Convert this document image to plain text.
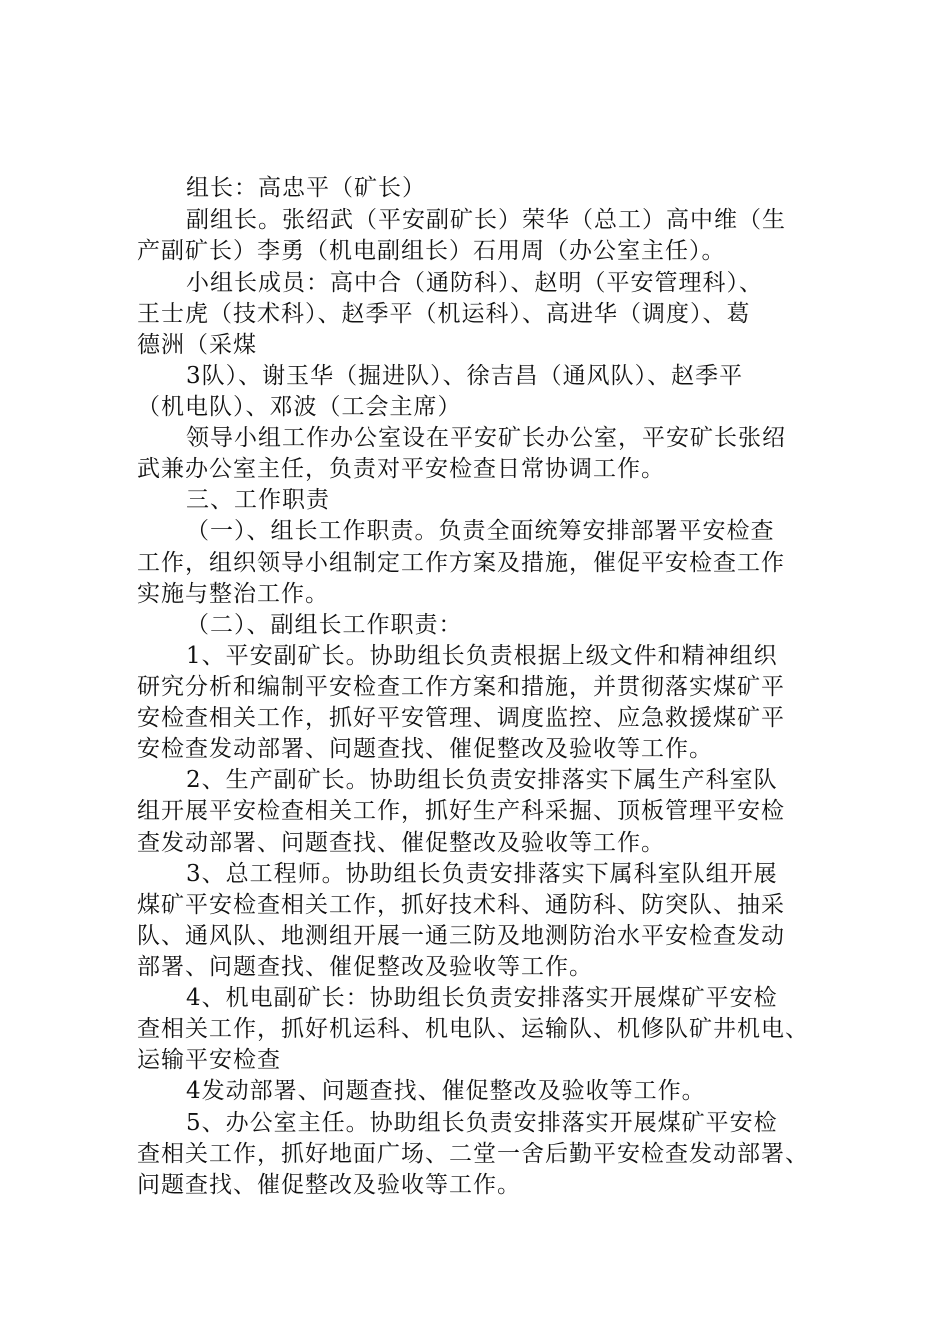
组长：高忠平（矿长）
副组长。张绍武（平安副矿长）荣华（总工）高中维（生
产副矿长）李勇（机电副组长）石用周（办公室主任）。
小组长成员：高中合（通防科）、赵明（平安管理科）、
王士虎（技术科）、赵季平（机运科）、高进华（调度）、葛
德洲（采煤
3队）、谢玉华（掘进队）、徐吉昌（通风队）、赵季平
（机电队）、邓波（工会主席）
领导小组工作办公室设在平安矿长办公室，平安矿长张绍
武兼办公室主任，负责对平安检查日常协调工作。
三、工作职责
（一）、组长工作职责。负责全面统筹安排部署平安检查
工作，组织领导小组制定工作方案及措施，催促平安检查工作
实施与整治工作。
（二）、副组长工作职责：
1、平安副矿长。协助组长负责根据上级文件和精神组织
研究分析和编制平安检查工作方案和措施，并贯彻落实煤矿平
安检查相关工作，抓好平安管理、调度监控、应急救援煤矿平
安检查发动部署、问题查找、催促整改及验收等工作。
2、生产副矿长。协助组长负责安排落实下属生产科室队
组开展平安检查相关工作，抓好生产科采掘、顶板管理平安检
查发动部署、问题查找、催促整改及验收等工作。
3、总工程师。协助组长负责安排落实下属科室队组开展
煤矿平安检查相关工作，抓好技术科、通防科、防突队、抽采
队、通风队、地测组开展一通三防及地测防治水平安检查发动
部署、问题查找、催促整改及验收等工作。
4、机电副矿长：协助组长负责安排落实开展煤矿平安检
查相关工作，抓好机运科、机电队、运输队、机修队矿井机电、
运输平安检查
4发动部署、问题查找、催促整改及验收等工作。
5、办公室主任。协助组长负责安排落实开展煤矿平安检
查相关工作，抓好地面广场、二堂一舍后勤平安检查发动部署、
问题查找、催促整改及验收等工作。
